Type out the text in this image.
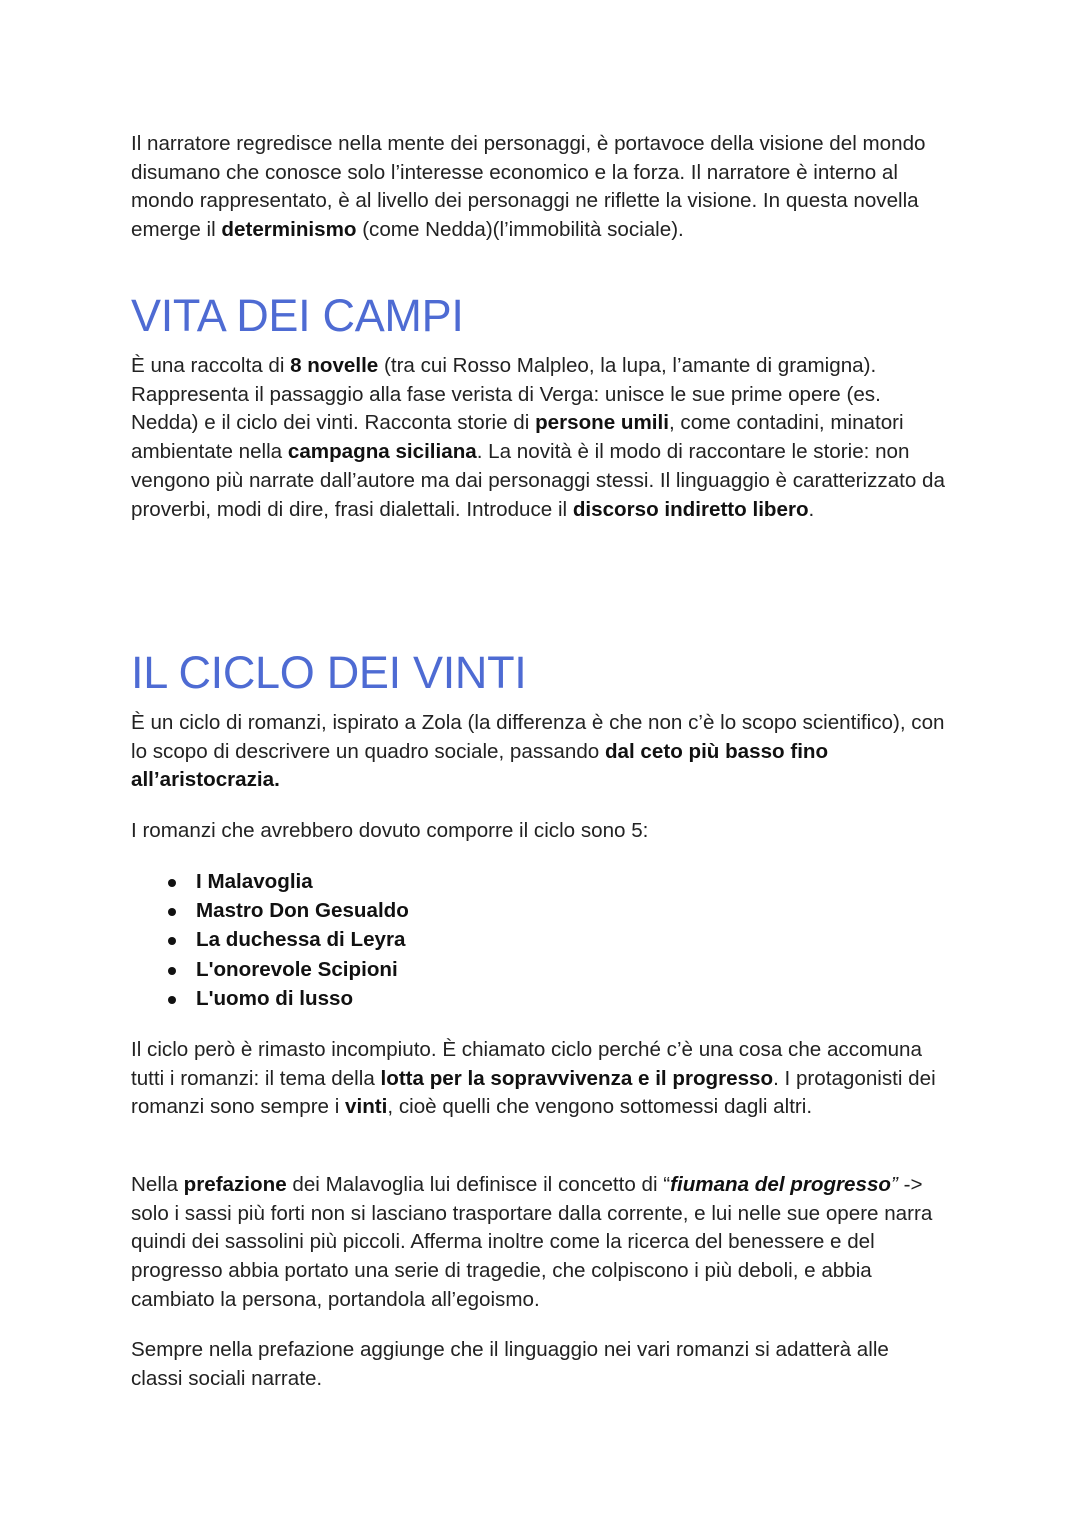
Il narratore regredisce nella mente dei personaggi, è portavoce della visione del mondo disumano che conosce solo l’interesse economico e la forza. Il narratore è interno al mondo rappresentato, è al livello dei personaggi ne riflette la visione. In questa novella emerge il determinismo (come Nedda)(l’immobilità sociale).

VITA DEI CAMPI

È una raccolta di 8 novelle (tra cui Rosso Malpleo, la lupa, l’amante di gramigna). Rappresenta il passaggio alla fase verista di Verga: unisce le sue prime opere (es. Nedda) e il ciclo dei vinti. Racconta storie di persone umili, come contadini, minatori ambientate nella campagna siciliana. La novità è il modo di raccontare le storie: non vengono più narrate dall’autore ma dai personaggi stessi. Il linguaggio è caratterizzato da proverbi, modi di dire, frasi dialettali. Introduce il discorso indiretto libero.

IL CICLO DEI VINTI

È un ciclo di romanzi, ispirato a Zola (la differenza è che non c’è lo scopo scientifico), con lo scopo di descrivere un quadro sociale, passando dal ceto più basso fino all’aristocrazia.

I romanzi che avrebbero dovuto comporre il ciclo sono 5:

I Malavoglia
Mastro Don Gesualdo
La duchessa di Leyra
L'onorevole Scipioni
L'uomo di lusso

Il ciclo però è rimasto incompiuto. È chiamato ciclo perché c’è una cosa che accomuna tutti i romanzi: il tema della lotta per la sopravvivenza e il progresso. I protagonisti dei romanzi sono sempre i vinti, cioè quelli che vengono sottomessi dagli altri.

Nella prefazione dei Malavoglia lui definisce il concetto di “fiumana del progresso” -> solo i sassi più forti non si lasciano trasportare dalla corrente, e lui nelle sue opere narra quindi dei sassolini più piccoli. Afferma inoltre come la ricerca del benessere e del progresso abbia portato una serie di tragedie, che colpiscono i più deboli, e abbia cambiato la persona, portandola all’egoismo.

Sempre nella prefazione aggiunge che il linguaggio nei vari romanzi si adatterà alle classi sociali narrate.
